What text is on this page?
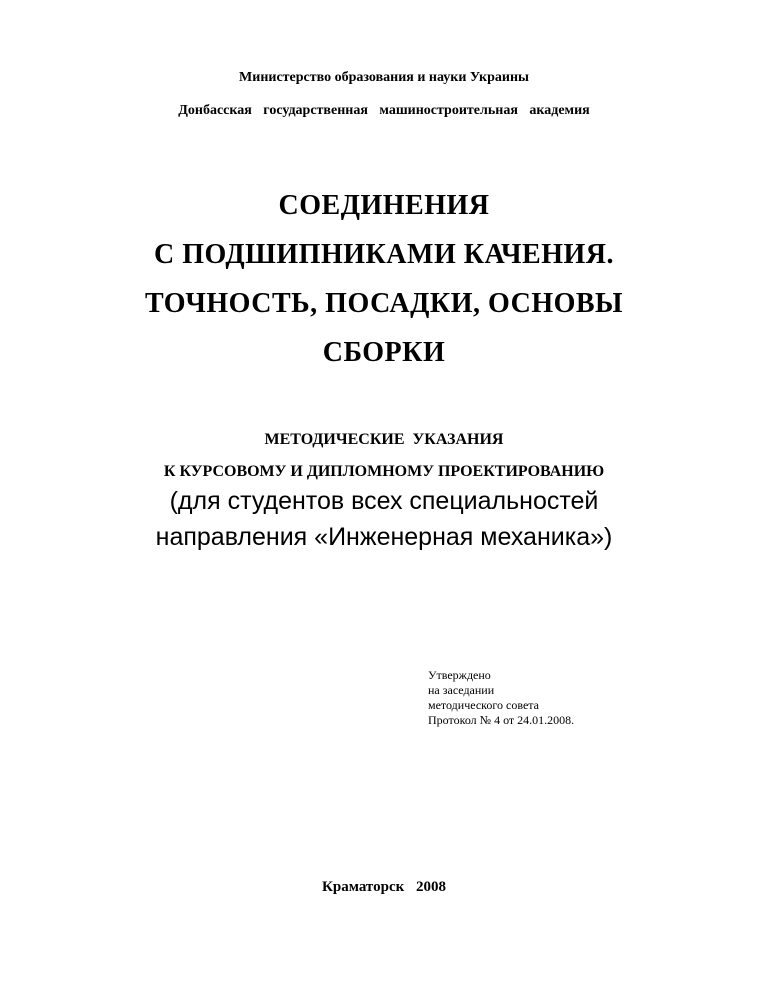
Министерство образования и науки Украины
Донбасская государственная машиностроительная академия
СОЕДИНЕНИЯ
С ПОДШИПНИКАМИ КАЧЕНИЯ.
ТОЧНОСТЬ, ПОСАДКИ, ОСНОВЫ
СБОРКИ
МЕТОДИЧЕСКИЕ УКАЗАНИЯ
К КУРСОВОМУ И ДИПЛОМНОМУ ПРОЕКТИРОВАНИЮ
(для студентов всех специальностей
направления «Инженерная механика»)
Утверждено
на заседании
методического совета
Протокол № 4 от 24.01.2008.
Краматорск 2008
